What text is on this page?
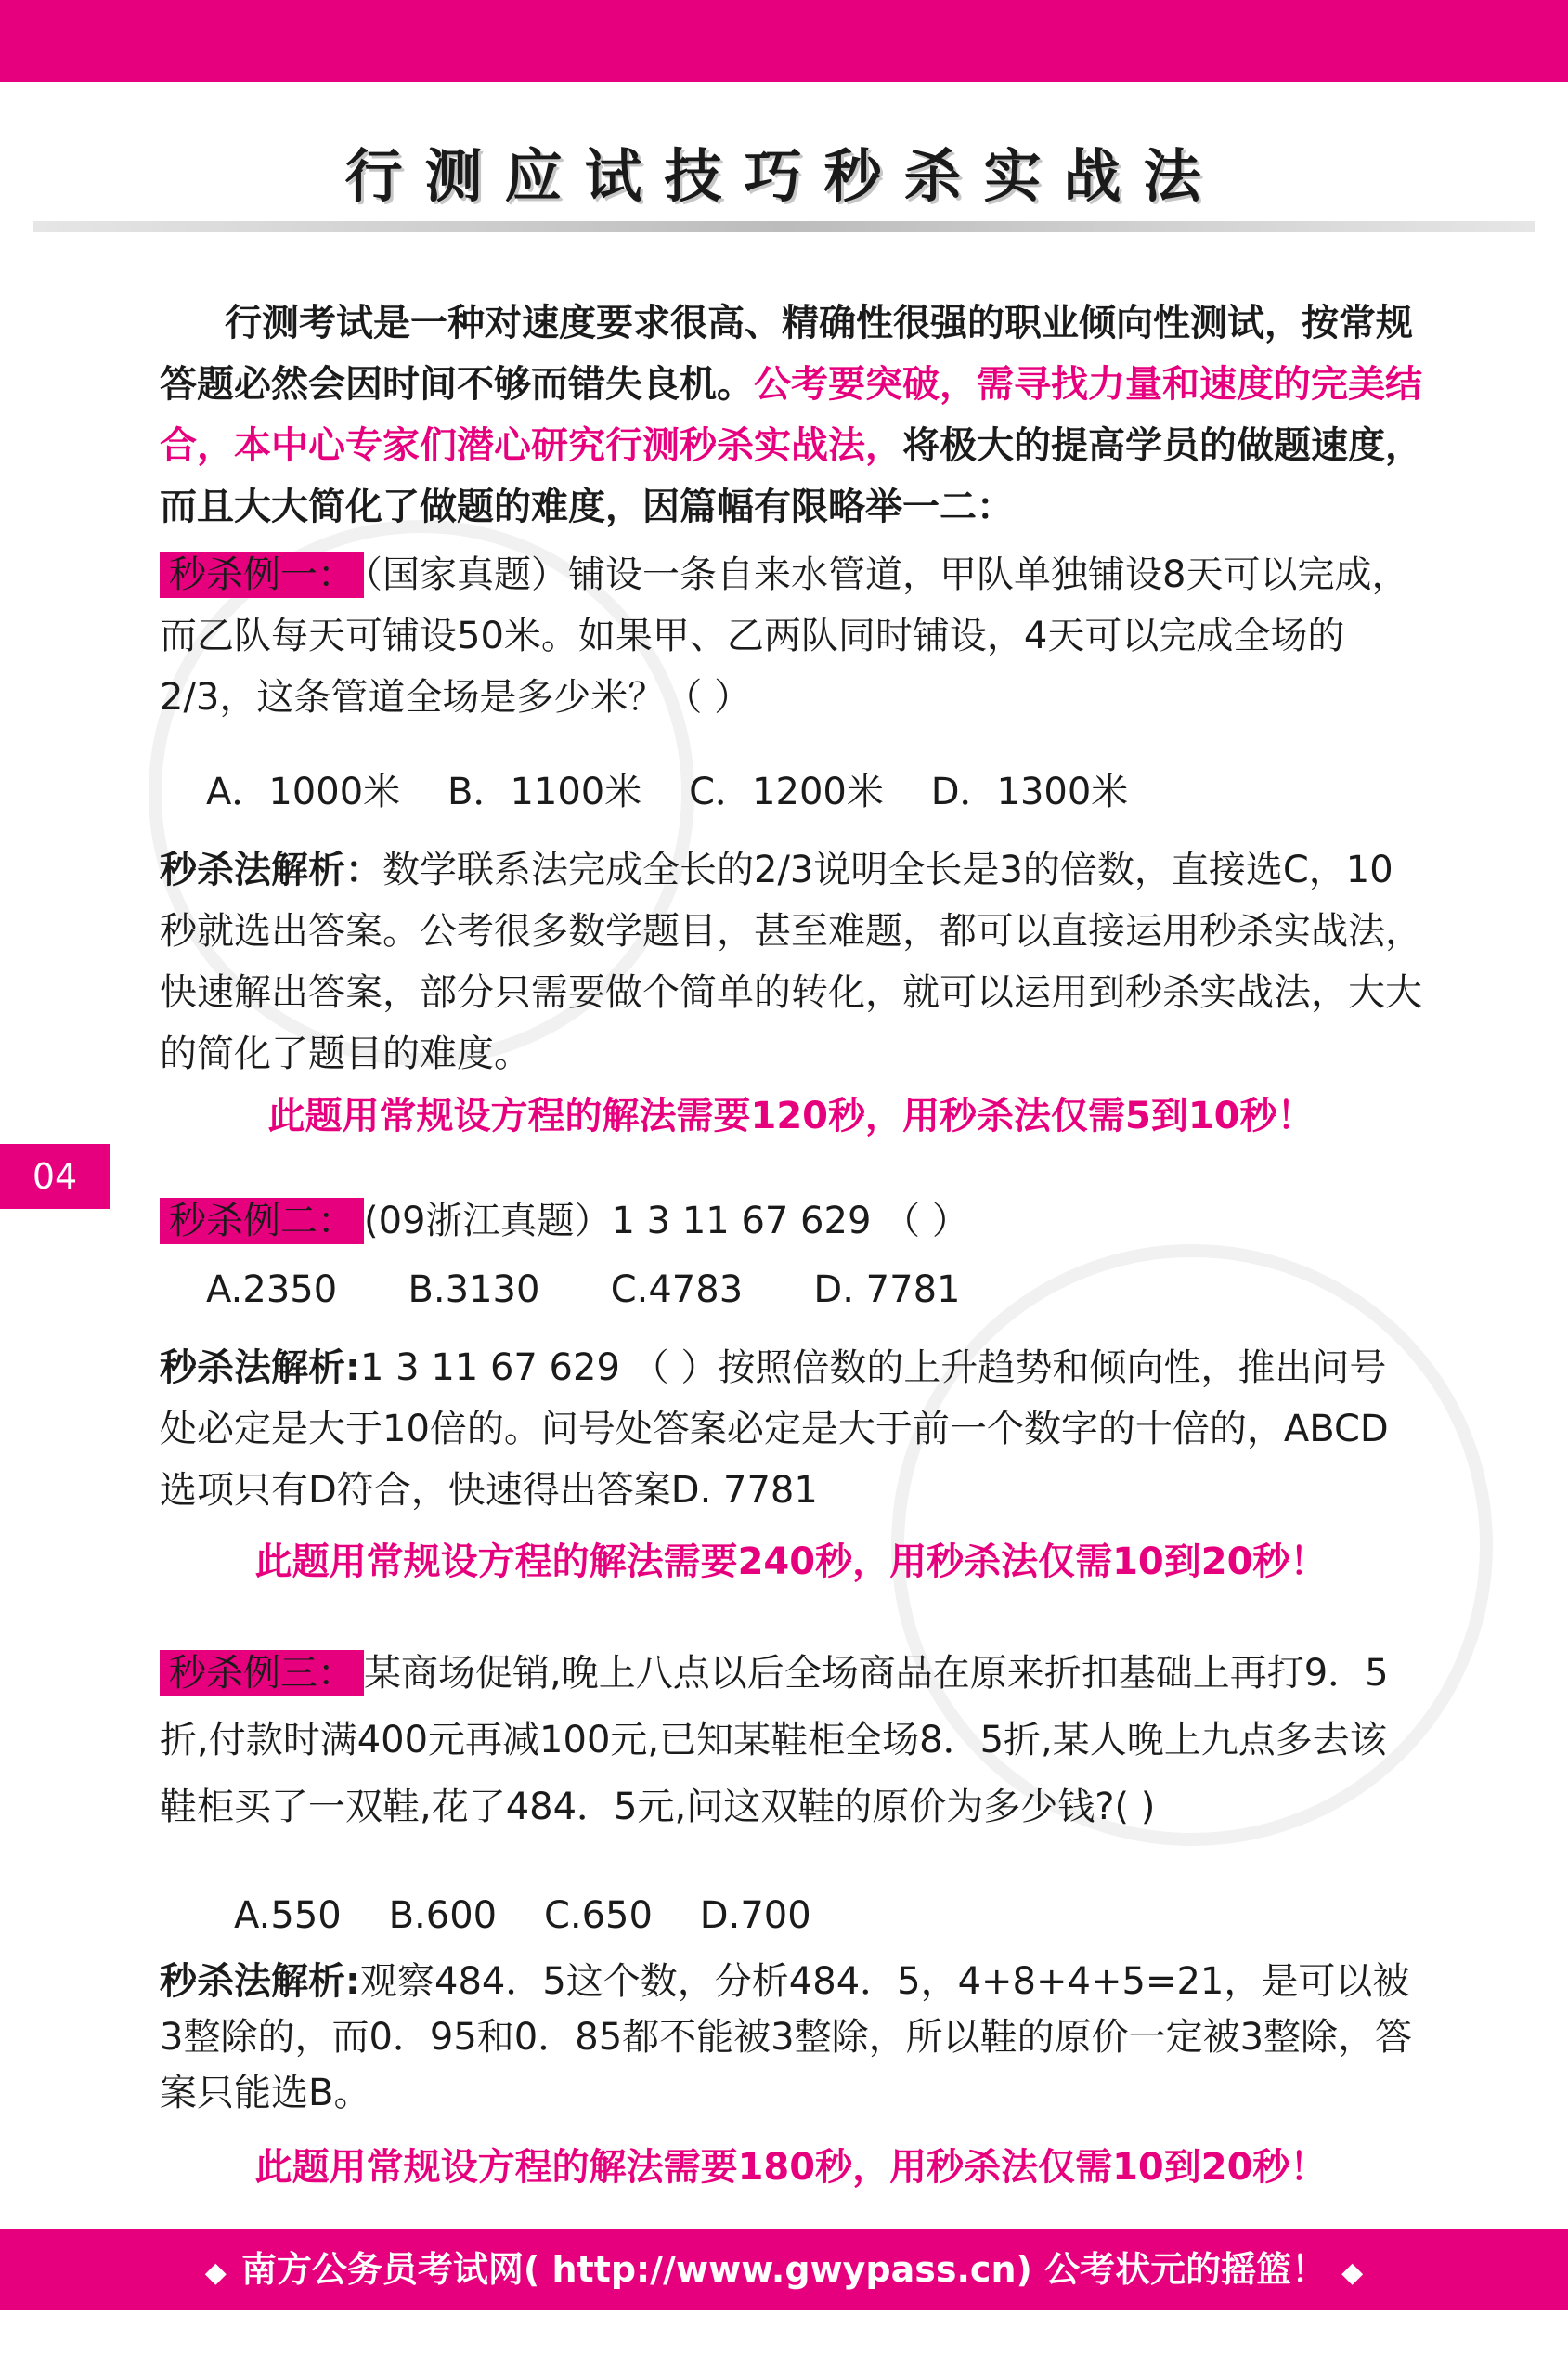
行测应试技巧秒杀实战法
行测考试是一种对速度要求很高、精确性很强的职业倾向性测试，按常规答题必然会因时间不够而错失良机。公考要突破，需寻找力量和速度的完美结合，本中心专家们潜心研究行测秒杀实战法，将极大的提高学员的做题速度，而且大大简化了做题的难度，因篇幅有限略举一二：
秒杀例一： （国家真题）铺设一条自来水管道，甲队单独铺设8天可以完成，而乙队每天可铺设50米。如果甲、乙两队同时铺设，4天可以完成全场的2/3，这条管道全场是多少米？（ ）
A．1000米    B．1100米    C．1200米    D．1300米
秒杀法解析：数学联系法完成全长的2/3说明全长是3的倍数，直接选C，10秒就选出答案。公考很多数学题目，甚至难题，都可以直接运用秒杀实战法，快速解出答案，部分只需要做个简单的转化，就可以运用到秒杀实战法，大大的简化了题目的难度。
此题用常规设方程的解法需要120秒，用秒杀法仅需5到10秒！
04
秒杀例二： (09浙江真题）1 3 11 67 629 （ ）
A.2350      B.3130      C.4783      D. 7781
秒杀法解析:1 3 11 67 629 （ ）按照倍数的上升趋势和倾向性，推出问号处必定是大于10倍的。问号处答案必定是大于前一个数字的十倍的，ABCD选项只有D符合，快速得出答案D. 7781
此题用常规设方程的解法需要240秒，用秒杀法仅需10到20秒！
秒杀例三： 某商场促销,晚上八点以后全场商品在原来折扣基础上再打9．5折,付款时满400元再减100元,已知某鞋柜全场8．5折,某人晚上九点多去该鞋柜买了一双鞋,花了484．5元,问这双鞋的原价为多少钱?( )
A.550    B.600    C.650    D.700
秒杀法解析:观察484．5这个数，分析484．5，4+8+4+5=21，是可以被3整除的，而0．95和0．85都不能被3整除，所以鞋的原价一定被3整除，答案只能选B。
此题用常规设方程的解法需要180秒，用秒杀法仅需10到20秒！
◆ 南方公务员考试网( http://www.gwypass.cn) 公考状元的摇篮！ ◆
